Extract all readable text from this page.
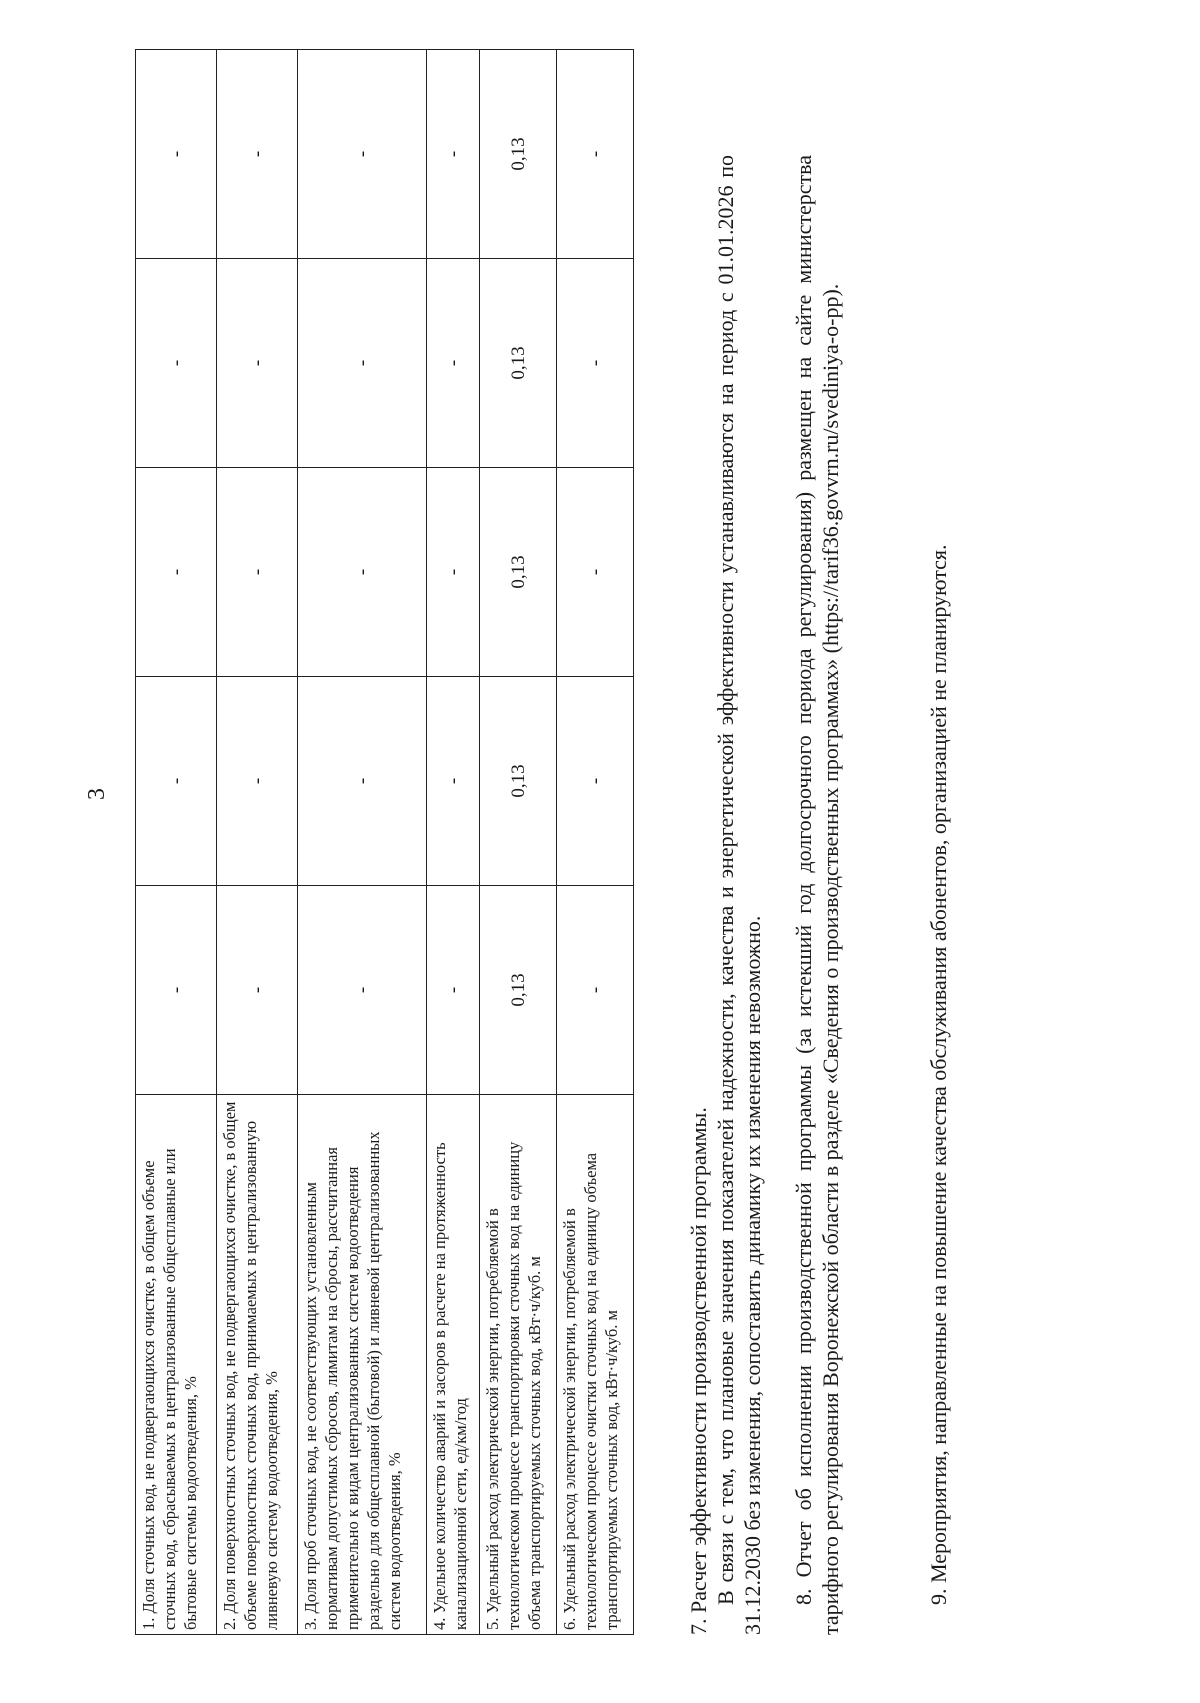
3
1. Доля сточных вод, не подвергающихся очистке, в общем объеме сточных вод, сбрасываемых в централизованные общесплавные или бытовые системы водоотведения, %	-	-	-	-	-
2. Доля поверхностных сточных вод, не подвергающихся очистке, в общем объеме поверхностных сточных вод, принимаемых в централизованную ливневую систему водоотведения, %	-	-	-	-	-
3. Доля проб сточных вод, не соответствующих установленным нормативам допустимых сбросов, лимитам на сбросы, рассчитанная применительно к видам централизованных систем водоотведения раздельно для общесплавной (бытовой) и ливневой централизованных систем водоотведения, %	-	-	-	-	-
4. Удельное количество аварий и засоров в расчете на протяженность канализационной сети, ед/км/год	-	-	-	-	-
5. Удельный расход электрической энергии, потребляемой в технологическом процессе транспортировки сточных вод на единицу объема транспортируемых сточных вод, кВт·ч/куб. м	0,13	0,13	0,13	0,13	0,13
6. Удельный расход электрической энергии, потребляемой в технологическом процессе очистки сточных вод на единицу объема транспортируемых сточных вод, кВт·ч/куб. м	-	-	-	-	-

7. Расчет эффективности производственной программы. В связи с тем, что плановые значения показателей надежности, качества и энергетической эффективности устанавливаются на период с 01.01.2026 по 31.12.2030 без изменения, сопоставить динамику их изменения невозможно. 8. Отчет об исполнении производственной программы (за истекший год долгосрочного периода регулирования) размещен на сайте министерства тарифного регулирования Воронежской области в разделе «Сведения о производственных программах» (https://tarif36.govvrn.ru/svediniya-o-pp).	9. Мероприятия, направленные на повышение качества обслуживания абонентов, организацией не планируются.
